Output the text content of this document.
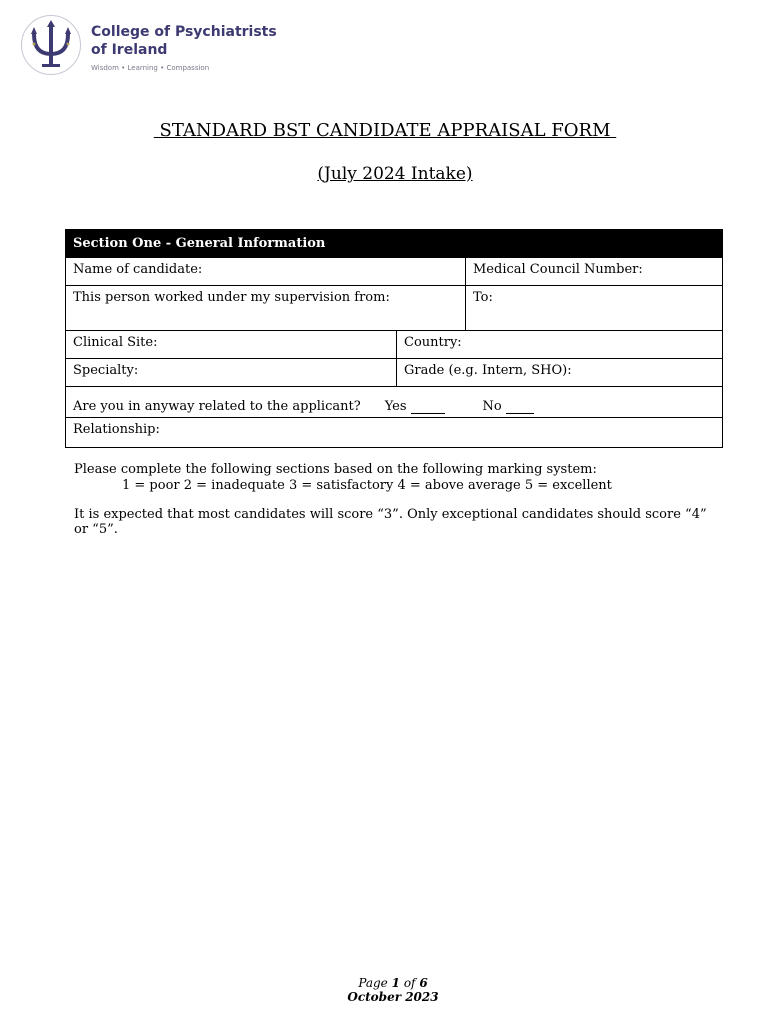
College of Psychiatrists
of Ireland
Wisdom • Learning • Compassion
STANDARD BST CANDIDATE APPRAISAL FORM
(July 2024 Intake)
Section One - General Information
Name of candidate:	Medical Council Number:
This person worked under my supervision from:	To:
Clinical Site:	Country:
Specialty:	Grade (e.g. Intern, SHO):
Are you in anyway related to the applicant? Yes	No
Relationship:
Please complete the following sections based on the following marking system:
1 = poor 2 = inadequate 3 = satisfactory 4 = above average 5 = excellent
It is expected that most candidates will score “3”. Only exceptional candidates should score “4” or “5”.
Page 1 of 6
October 2023
